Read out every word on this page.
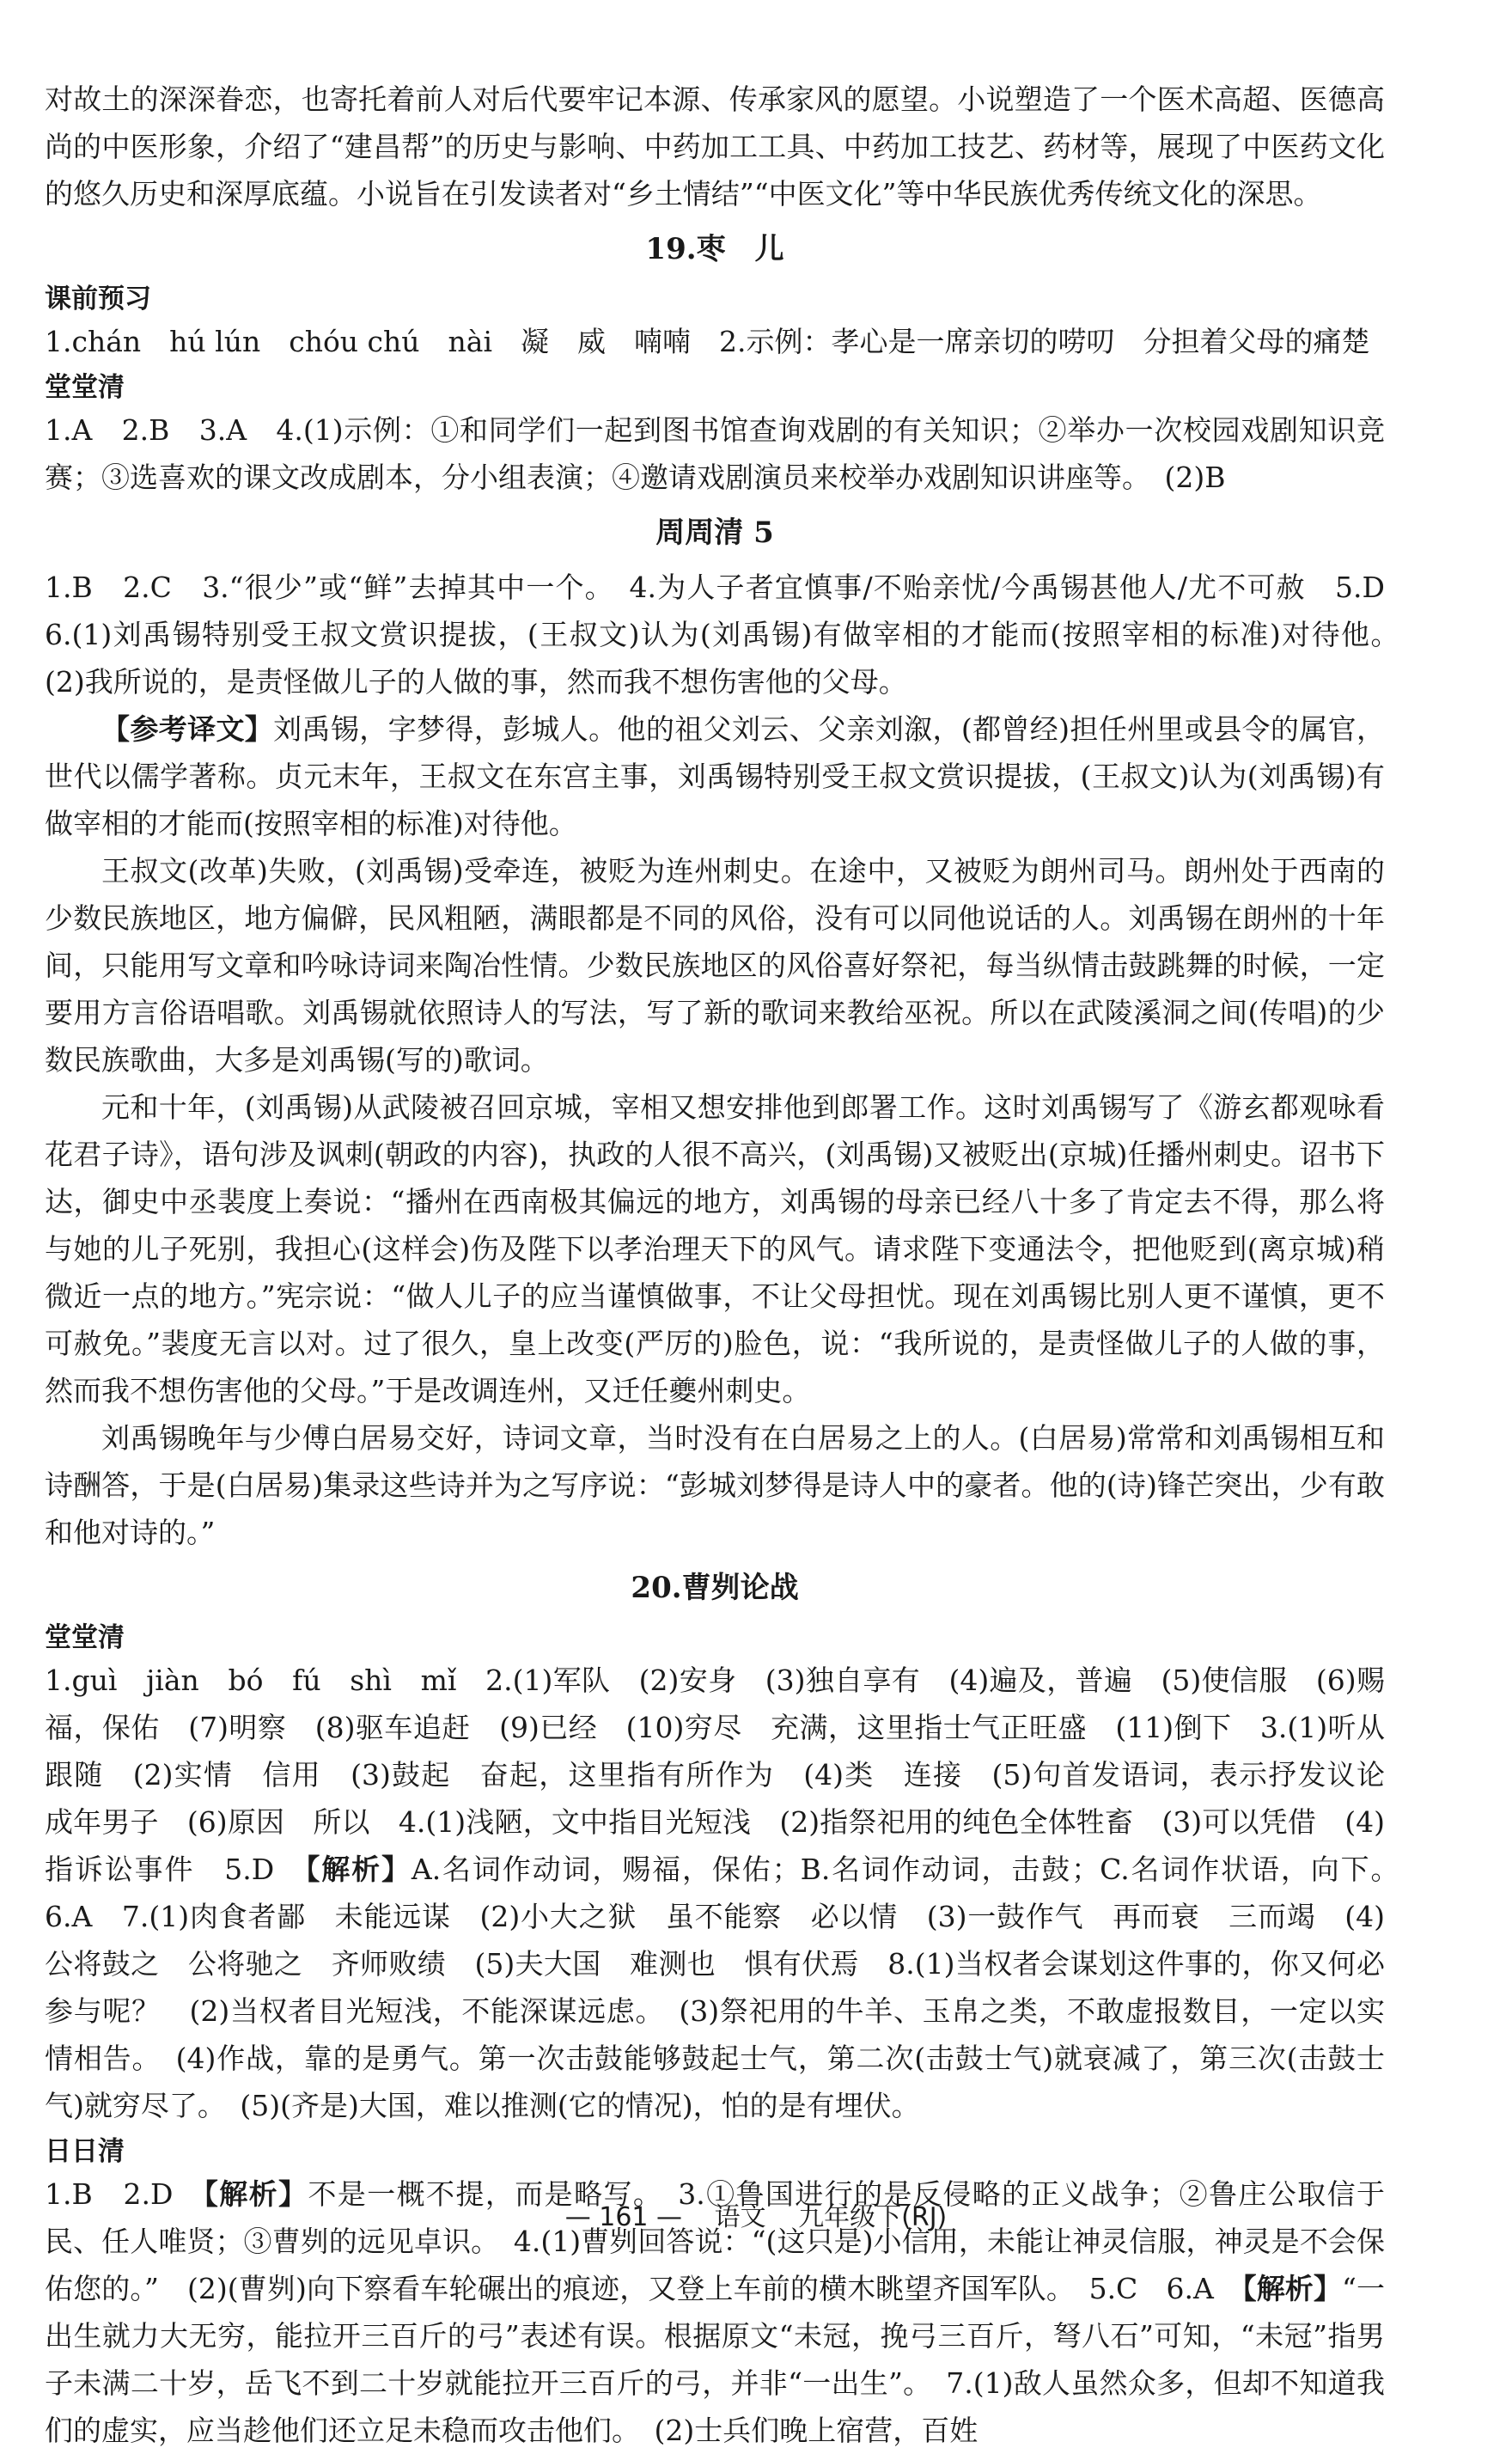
对故土的深深眷恋，也寄托着前人对后代要牢记本源、传承家风的愿望。小说塑造了一个医术高超、医德高尚的中医形象，介绍了“建昌帮”的历史与影响、中药加工工具、中药加工技艺、药材等，展现了中医药文化的悠久历史和深厚底蕴。小说旨在引发读者对“乡土情结”“中医文化”等中华民族优秀传统文化的深思。

19.枣　儿
课前预习

1.chán　hú lún　chóu chú　nài　凝　威　喃喃　2.示例：孝心是一席亲切的唠叨　分担着父母的痛楚

堂堂清

1.A　2.B　3.A　4.(1)示例：①和同学们一起到图书馆查询戏剧的有关知识；②举办一次校园戏剧知识竞赛；③选喜欢的课文改成剧本，分小组表演；④邀请戏剧演员来校举办戏剧知识讲座等。　(2)B

周周清 5

1.B　2.C　3.“很少”或“鲜”去掉其中一个。　4.为人子者宜慎事/不贻亲忧/今禹锡甚他人/尤不可赦　5.D　6.(1)刘禹锡特别受王叔文赏识提拔，(王叔文)认为(刘禹锡)有做宰相的才能而(按照宰相的标准)对待他。　(2)我所说的，是责怪做儿子的人做的事，然而我不想伤害他的父母。

【参考译文】刘禹锡，字梦得，彭城人。他的祖父刘云、父亲刘溆，(都曾经)担任州里或县令的属官，世代以儒学著称。贞元末年，王叔文在东宫主事，刘禹锡特别受王叔文赏识提拔，(王叔文)认为(刘禹锡)有做宰相的才能而(按照宰相的标准)对待他。

王叔文(改革)失败，(刘禹锡)受牵连，被贬为连州刺史。在途中，又被贬为朗州司马。朗州处于西南的少数民族地区，地方偏僻，民风粗陋，满眼都是不同的风俗，没有可以同他说话的人。刘禹锡在朗州的十年间，只能用写文章和吟咏诗词来陶冶性情。少数民族地区的风俗喜好祭祀，每当纵情击鼓跳舞的时候，一定要用方言俗语唱歌。刘禹锡就依照诗人的写法，写了新的歌词来教给巫祝。所以在武陵溪洞之间(传唱)的少数民族歌曲，大多是刘禹锡(写的)歌词。

元和十年，(刘禹锡)从武陵被召回京城，宰相又想安排他到郎署工作。这时刘禹锡写了《游玄都观咏看花君子诗》，语句涉及讽刺(朝政的内容)，执政的人很不高兴，(刘禹锡)又被贬出(京城)任播州刺史。诏书下达，御史中丞裴度上奏说：“播州在西南极其偏远的地方，刘禹锡的母亲已经八十多了肯定去不得，那么将与她的儿子死别，我担心(这样会)伤及陛下以孝治理天下的风气。请求陛下变通法令，把他贬到(离京城)稍微近一点的地方。”宪宗说：“做人儿子的应当谨慎做事，不让父母担忧。现在刘禹锡比别人更不谨慎，更不可赦免。”裴度无言以对。过了很久，皇上改变(严厉的)脸色，说：“我所说的，是责怪做儿子的人做的事，然而我不想伤害他的父母。”于是改调连州，又迁任夔州刺史。

刘禹锡晚年与少傅白居易交好，诗词文章，当时没有在白居易之上的人。(白居易)常常和刘禹锡相互和诗酬答，于是(白居易)集录这些诗并为之写序说：“彭城刘梦得是诗人中的豪者。他的(诗)锋芒突出，少有敢和他对诗的。”

20.曹刿论战
堂堂清

1.guì　jiàn　bó　fú　shì　mǐ　2.(1)军队　(2)安身　(3)独自享有　(4)遍及，普遍　(5)使信服　(6)赐福，保佑　(7)明察　(8)驱车追赶　(9)已经　(10)穷尽　充满，这里指士气正旺盛　(11)倒下　3.(1)听从　跟随　(2)实情　信用　(3)鼓起　奋起，这里指有所作为　(4)类　连接　(5)句首发语词，表示抒发议论　成年男子　(6)原因　所以　4.(1)浅陋，文中指目光短浅　(2)指祭祀用的纯色全体牲畜　(3)可以凭借　(4)指诉讼事件　5.D　【解析】A.名词作动词，赐福，保佑；B.名词作动词，击鼓；C.名词作状语，向下。　6.A　7.(1)肉食者鄙　未能远谋　(2)小大之狱　虽不能察　必以情　(3)一鼓作气　再而衰　三而竭　(4)公将鼓之　公将驰之　齐师败绩　(5)夫大国　难测也　惧有伏焉　8.(1)当权者会谋划这件事的，你又何必参与呢？　(2)当权者目光短浅，不能深谋远虑。　(3)祭祀用的牛羊、玉帛之类，不敢虚报数目，一定以实情相告。　(4)作战，靠的是勇气。第一次击鼓能够鼓起士气，第二次(击鼓士气)就衰减了，第三次(击鼓士气)就穷尽了。　(5)(齐是)大国，难以推测(它的情况)，怕的是有埋伏。

日日清

1.B　2.D　【解析】不是一概不提，而是略写。　3.①鲁国进行的是反侵略的正义战争；②鲁庄公取信于民、任人唯贤；③曹刿的远见卓识。　4.(1)曹刿回答说：“(这只是)小信用，未能让神灵信服，神灵是不会保佑您的。”　(2)(曹刿)向下察看车轮碾出的痕迹，又登上车前的横木眺望齐国军队。　5.C　6.A　【解析】“一出生就力大无穷，能拉开三百斤的弓”表述有误。根据原文“未冠，挽弓三百斤，弩八石”可知，“未冠”指男子未满二十岁，岳飞不到二十岁就能拉开三百斤的弓，并非“一出生”。　7.(1)敌人虽然众多，但却不知道我们的虚实，应当趁他们还立足未稳而攻击他们。　(2)士兵们晚上宿营，百姓

— 161 — 语文 九年级下(RJ)
